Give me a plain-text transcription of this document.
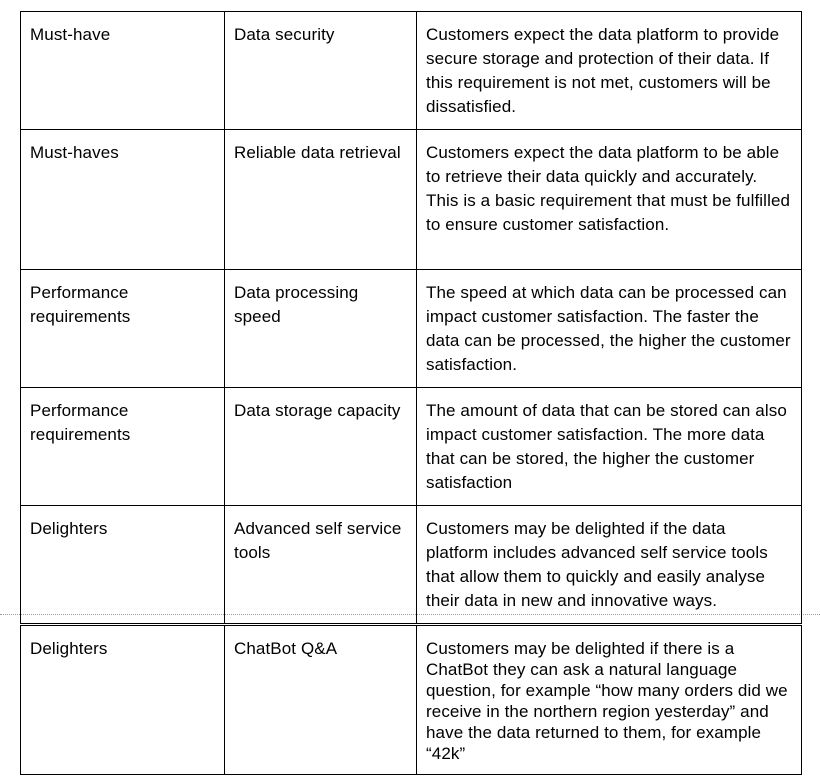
Must-have	Data security	Customers expect the data platform to provide secure storage and protection of their data. If this requirement is not met, customers will be dissatisfied.
Must-haves	Reliable data retrieval	Customers expect the data platform to be able to retrieve their data quickly and accurately. This is a basic requirement that must be fulfilled to ensure customer satisfaction.
Performance requirements	Data processing speed	The speed at which data can be processed can impact customer satisfaction. The faster the data can be processed, the higher the customer satisfaction.
Performance requirements	Data storage capacity	The amount of data that can be stored can also impact customer satisfaction. The more data that can be stored, the higher the customer satisfaction
Delighters	Advanced self service tools	Customers may be delighted if the data platform includes advanced self service tools that allow them to quickly and easily analyse their data in new and innovative ways.
Delighters	ChatBot Q&A	Customers may be delighted if there is a ChatBot they can ask a natural language question, for example “how many orders did we receive in the northern region yesterday” and have the data returned to them, for example “42k”
